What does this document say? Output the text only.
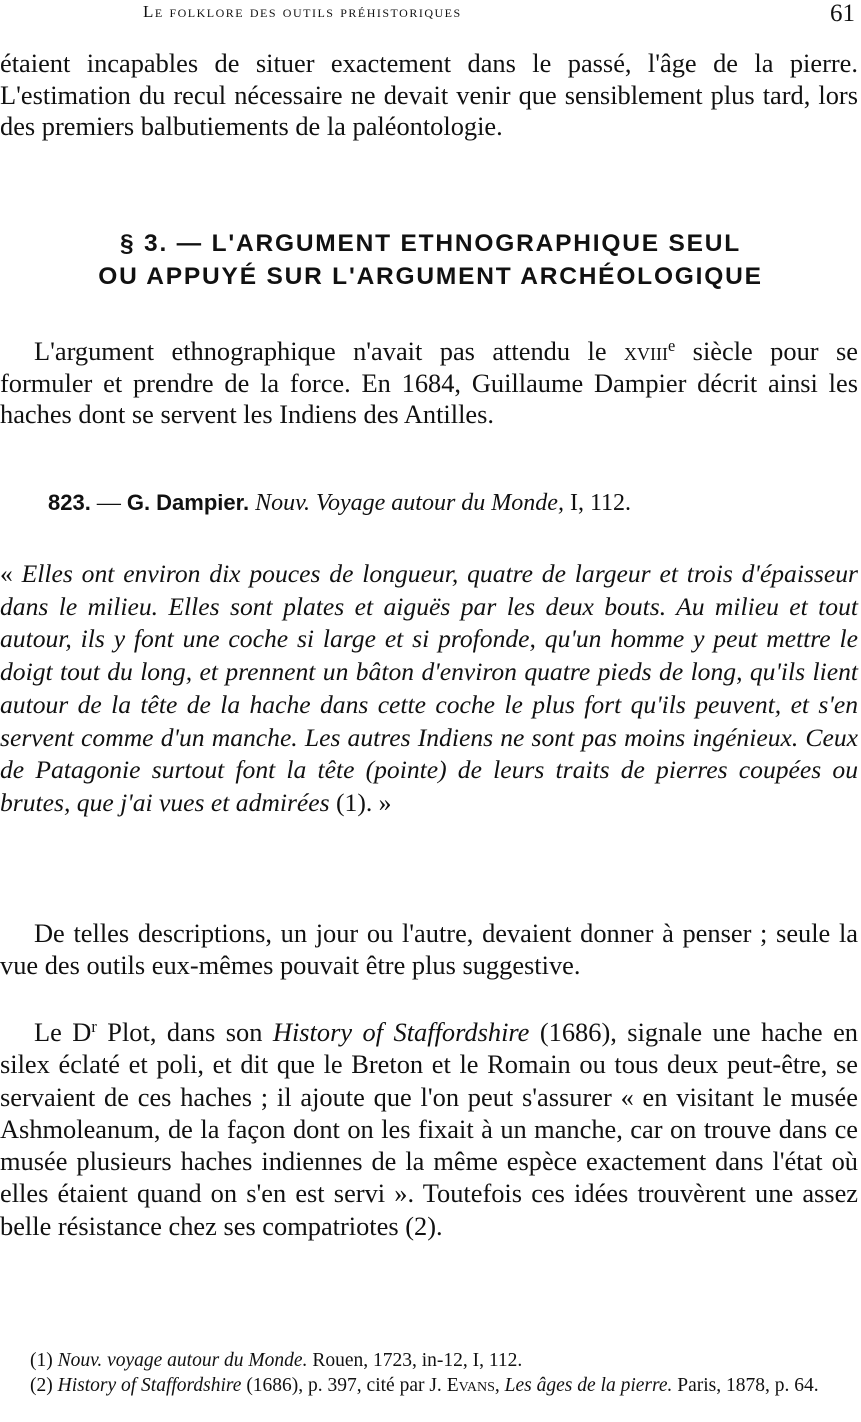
Le folklore des outils préhistoriques	61

étaient incapables de situer exactement dans le passé, l'âge de la pierre. L'estimation du recul nécessaire ne devait venir que sensiblement plus tard, lors des premiers balbutiements de la paléontologie.

§ 3. — L'ARGUMENT ETHNOGRAPHIQUE SEUL
OU APPUYÉ SUR L'ARGUMENT ARCHÉOLOGIQUE

L'argument ethnographique n'avait pas attendu le xviii$^e$ siècle pour se formuler et prendre de la force. En 1684, Guillaume Dampier décrit ainsi les haches dont se servent les Indiens des Antilles.

823. — G. Dampier. Nouv. Voyage autour du Monde, I, 112.

« Elles ont environ dix pouces de longueur, quatre de largeur et trois d'épaisseur dans le milieu. Elles sont plates et aiguës par les deux bouts. Au milieu et tout autour, ils y font une coche si large et si profonde, qu'un homme y peut mettre le doigt tout du long, et prennent un bâton d'environ quatre pieds de long, qu'ils lient autour de la tête de la hache dans cette coche le plus fort qu'ils peuvent, et s'en servent comme d'un manche. Les autres Indiens ne sont pas moins ingénieux. Ceux de Patagonie surtout font la tête (pointe) de leurs traits de pierres coupées ou brutes, que j'ai vues et admirées (1). »

De telles descriptions, un jour ou l'autre, devaient donner à penser ; seule la vue des outils eux-mêmes pouvait être plus suggestive.

Le $D^r$ Plot, dans son History of Staffordshire (1686), signale une hache en silex éclaté et poli, et dit que le Breton et le Romain ou tous deux peut-être, se servaient de ces haches ; il ajoute que l'on peut s'assurer « en visitant le musée Ashmoleanum, de la façon dont on les fixait à un manche, car on trouve dans ce musée plusieurs haches indiennes de la même espèce exactement dans l'état où elles étaient quand on s'en est servi ». Toutefois ces idées trouvèrent une assez belle résistance chez ses compatriotes (2).

(1) Nouv. voyage autour du Monde. Rouen, 1723, in-12, I, 112.

(2) History of Staffordshire (1686), p. 397, cité par J. Evans, Les âges de la pierre. Paris, 1878, p. 64.
